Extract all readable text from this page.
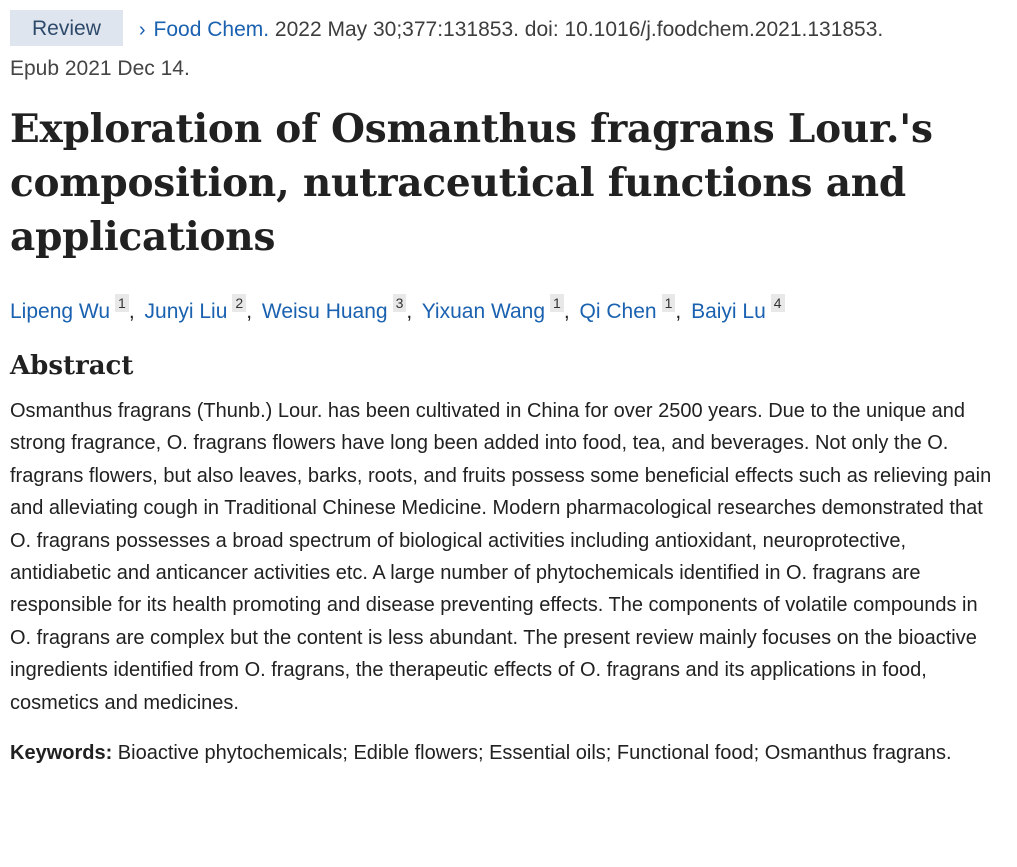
Review › Food Chem. 2022 May 30;377:131853. doi: 10.1016/j.foodchem.2021.131853.
Epub 2021 Dec 14.
Exploration of Osmanthus fragrans Lour.'s composition, nutraceutical functions and applications
Lipeng Wu 1 , Junyi Liu 2 , Weisu Huang 3 , Yixuan Wang 1 , Qi Chen 1 , Baiyi Lu 4
Abstract

Osmanthus fragrans (Thunb.) Lour. has been cultivated in China for over 2500 years. Due to the unique and strong fragrance, O. fragrans flowers have long been added into food, tea, and beverages. Not only the O. fragrans flowers, but also leaves, barks, roots, and fruits possess some beneficial effects such as relieving pain and alleviating cough in Traditional Chinese Medicine. Modern pharmacological researches demonstrated that O. fragrans possesses a broad spectrum of biological activities including antioxidant, neuroprotective, antidiabetic and anticancer activities etc. A large number of phytochemicals identified in O. fragrans are responsible for its health promoting and disease preventing effects. The components of volatile compounds in O. fragrans are complex but the content is less abundant. The present review mainly focuses on the bioactive ingredients identified from O. fragrans, the therapeutic effects of O. fragrans and its applications in food, cosmetics and medicines.

Keywords: Bioactive phytochemicals; Edible flowers; Essential oils; Functional food; Osmanthus fragrans.
